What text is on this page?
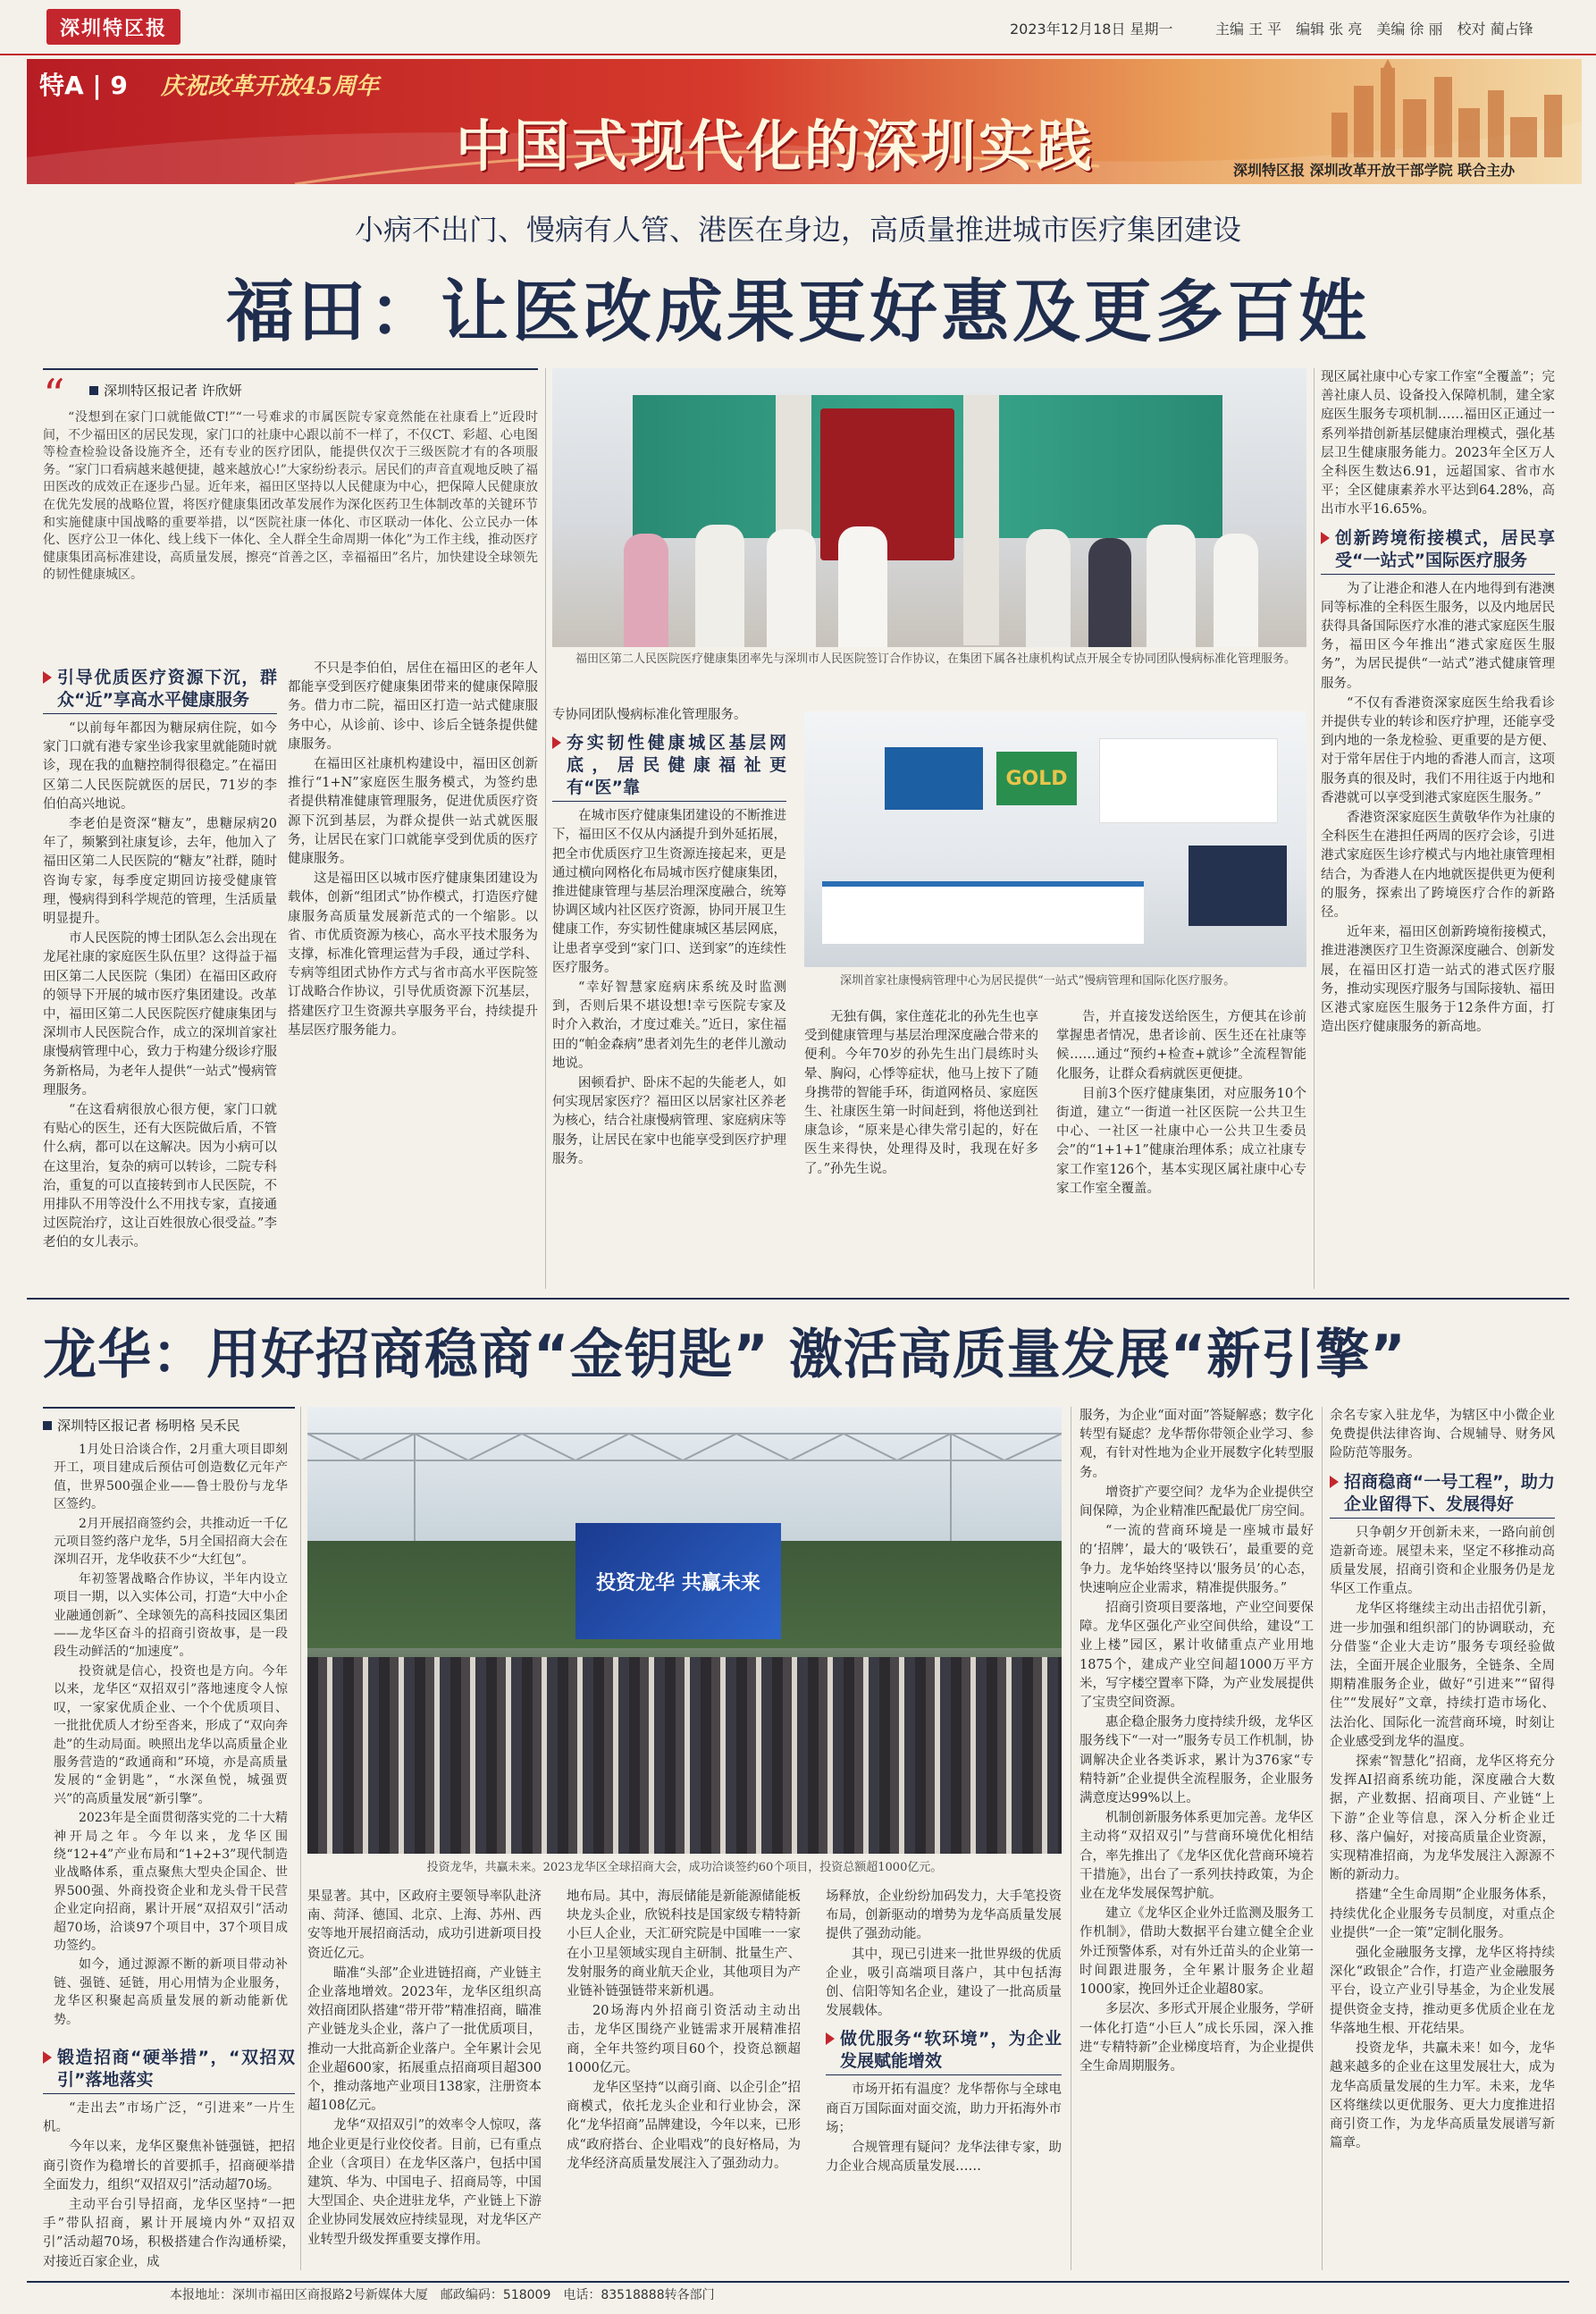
深圳特区报	2023年12月18日 星期一	主编 王 平　编辑 张 亮　美编 徐 丽　校对 蔺占锋
特A | 9 庆祝改革开放45周年
中国式现代化的深圳实践	深圳特区报 深圳改革开放干部学院 联合主办
小病不出门、慢病有人管、港医在身边，高质量推进城市医疗集团建设
福田：让医改成果更好惠及更多百姓
“	深圳特区报记者 许欣妍
“没想到在家门口就能做CT!”“一号难求的市属医院专家竟然能在社康看上”近段时间，不少福田区的居民发现，家门口的社康中心跟以前不一样了，不仅CT、彩超、心电图等检查检验设备设施齐全，还有专业的医疗团队，能提供仅次于三级医院才有的各项服务。“家门口看病越来越便捷，越来越放心!”大家纷纷表示。居民们的声音直观地反映了福田医改的成效正在逐步凸显。近年来，福田区坚持以人民健康为中心，把保障人民健康放在优先发展的战略位置，将医疗健康集团改革发展作为深化医药卫生体制改革的关键环节和实施健康中国战略的重要举措，以“医院社康一体化、市区联动一体化、公立民办一体化、医疗公卫一体化、线上线下一体化、全人群全生命周期一体化”为工作主线，推动医疗健康集团高标准建设，高质量发展，擦亮“首善之区，幸福福田”名片，加快建设全球领先的韧性健康城区。
引导优质医疗资源下沉，群众“近”享高水平健康服务

“以前每年都因为糖尿病住院，如今家门口就有港专家坐诊我家里就能随时就诊，现在我的血糖控制得很稳定。”在福田区第二人民医院就医的居民，71岁的李伯伯高兴地说。

李老伯是资深“糖友”，患糖尿病20年了，频繁到社康复诊，去年，他加入了福田区第二人民医院的“糖友”社群，随时咨询专家，每季度定期回访接受健康管理，慢病得到科学规范的管理，生活质量明显提升。

市人民医院的博士团队怎么会出现在龙尾社康的家庭医生队伍里？这得益于福田区第二人民医院（集团）在福田区政府的领导下开展的城市医疗集团建设。改革中，福田区第二人民医院医疗健康集团与深圳市人民医院合作，成立的深圳首家社康慢病管理中心，致力于构建分级诊疗服务新格局，为老年人提供“一站式”慢病管理服务。

“在这看病很放心很方便，家门口就有贴心的医生，还有大医院做后盾，不管什么病，都可以在这解决。因为小病可以在这里治，复杂的病可以转诊，二院专科治，重复的可以直接转到市人民医院，不用排队不用等没什么不用找专家，直接通过医院治疗，这让百姓很放心很受益。”李老伯的女儿表示。

不只是李伯伯，居住在福田区的老年人都能享受到医疗健康集团带来的健康保障服务。借力市二院，福田区打造一站式健康服务中心，从诊前、诊中、诊后全链条提供健康服务。

在福田区社康机构建设中，福田区创新推行“1+N”家庭医生服务模式，为签约患者提供精准健康管理服务，促进优质医疗资源下沉到基层，为群众提供一站式就医服务，让居民在家门口就能享受到优质的医疗健康服务。

这是福田区以城市医疗健康集团建设为载体，创新“组团式”协作模式，打造医疗健康服务高质量发展新范式的一个缩影。以省、市优质资源为核心，高水平技术服务为支撑，标准化管理运营为手段，通过学科、专病等组团式协作方式与省市高水平医院签订战略合作协议，引导优质资源下沉基层，搭建医疗卫生资源共享服务平台，持续提升基层医疗服务能力。

福田区第二人民医院医疗健康集团率先与深圳市人民医院签订合作协议，在集团下属各社康机构试点开展全专协同团队慢病标准化管理服务。
专协同团队慢病标准化管理服务。
夯实韧性健康城区基层网底，居民健康福祉更有“医”靠

在城市医疗健康集团建设的不断推进下，福田区不仅从内涵提升到外延拓展，把全市优质医疗卫生资源连接起来，更是通过横向网格化布局城市医疗健康集团，推进健康管理与基层治理深度融合，统筹协调区域内社区医疗资源，协同开展卫生健康工作，夯实韧性健康城区基层网底，让患者享受到“家门口、送到家”的连续性医疗服务。

“幸好智慧家庭病床系统及时监测到，否则后果不堪设想!幸亏医院专家及时介入救治，才度过难关。”近日，家住福田的“帕金森病”患者刘先生的老伴儿激动地说。

困顿看护、卧床不起的失能老人，如何实现居家医疗？福田区以居家社区养老为核心，结合社康慢病管理、家庭病床等服务，让居民在家中也能享受到医疗护理服务。

GOLD
深圳首家社康慢病管理中心为居民提供“一站式”慢病管理和国际化医疗服务。

无独有偶，家住莲花北的孙先生也享受到健康管理与基层治理深度融合带来的便利。今年70岁的孙先生出门晨练时头晕、胸闷，心悸等症状，他马上按下了随身携带的智能手环，街道网格员、家庭医生、社康医生第一时间赶到，将他送到社康急诊，“原来是心律失常引起的，好在医生来得快，处理得及时，我现在好多了。”孙先生说。

告，并直接发送给医生，方便其在诊前掌握患者情况，患者诊前、医生还在社康等候……通过“预约+检查+就诊”全流程智能化服务，让群众看病就医更便捷。

目前3个医疗健康集团，对应服务10个街道，建立“一街道一社区医院一公共卫生中心、一社区一社康中心一公共卫生委员会”的“1+1+1”健康治理体系；成立社康专家工作室126个，基本实现区属社康中心专家工作室全覆盖。

现区属社康中心专家工作室“全覆盖”；完善社康人员、设备投入保障机制，建全家庭医生服务专项机制……福田区正通过一系列举措创新基层健康治理模式，强化基层卫生健康服务能力。2023年全区万人全科医生数达6.91，远超国家、省市水平；全区健康素养水平达到64.28%，高出市水平16.65%。

创新跨境衔接模式，居民享受“一站式”国际医疗服务

为了让港企和港人在内地得到有港澳同等标准的全科医生服务，以及内地居民获得具备国际医疗水准的港式家庭医生服务，福田区今年推出“港式家庭医生服务”，为居民提供“一站式”港式健康管理服务。

“不仅有香港资深家庭医生给我看诊并提供专业的转诊和医疗护理，还能享受到内地的一条龙检验、更重要的是方便、对于常年居住于内地的香港人而言，这项服务真的很及时，我们不用往返于内地和香港就可以享受到港式家庭医生服务。”

香港资深家庭医生黄敬华作为社康的全科医生在港担任两周的医疗会诊，引进港式家庭医生诊疗模式与内地社康管理相结合，为香港人在内地就医提供更为便利的服务，探索出了跨境医疗合作的新路径。

近年来，福田区创新跨境衔接模式，推进港澳医疗卫生资源深度融合、创新发展，在福田区打造一站式的港式医疗服务，推动实现医疗服务与国际接轨、福田区港式家庭医生服务于12条件方面，打造出医疗健康服务的新高地。

龙华：用好招商稳商“金钥匙” 激活高质量发展“新引擎”
深圳特区报记者 杨明格 吴禾民

1月处日洽谈合作，2月重大项目即刻开工，项目建成后预估可创造数亿元年产值，世界500强企业——鲁士股份与龙华区签约。

2月开展招商签约会，共推动近一千亿元项目签约落户龙华，5月全国招商大会在深圳召开，龙华收获不少“大红包”。

年初签署战略合作协议，半年内设立项目一期，以入实体公司，打造“大中小企业融通创新”、全球领先的高科技园区集团——龙华区奋斗的招商引资故事，是一段段生动鲜活的“加速度”。

投资就是信心，投资也是方向。今年以来，龙华区“双招双引”落地速度令人惊叹，一家家优质企业、一个个优质项目、一批批优质人才纷至沓来，形成了“双向奔赴”的生动局面。映照出龙华以高质量企业服务营造的“政通商和”环境，亦是高质量发展的“金钥匙”，“水深鱼悦，城强贾兴”的高质量发展“新引擎”。

2023年是全面贯彻落实党的二十大精神开局之年。今年以来，龙华区围绕“12+4”产业布局和“1+2+3”现代制造业战略体系，重点聚焦大型央企国企、世界500强、外商投资企业和龙头骨干民营企业定向招商，累计开展“双招双引”活动超70场，洽谈97个项目中，37个项目成功签约。

如今，通过源源不断的新项目带动补链、强链、延链，用心用情为企业服务，龙华区积聚起高质量发展的新动能新优势。

锻造招商“硬举措”，“双招双引”落地落实

“走出去”市场广泛，“引进来”一片生机。

今年以来，龙华区聚焦补链强链，把招商引资作为稳增长的首要抓手，招商硬举措全面发力，组织“双招双引”活动超70场。

主动平台引导招商，龙华区坚持“一把手”带队招商，累计开展境内外“双招双引”活动超70场，积极搭建合作沟通桥梁，对接近百家企业，成

投资龙华 共赢未来
投资龙华，共赢未来。2023龙华区全球招商大会，成功洽谈签约60个项目，投资总额超1000亿元。

果显著。其中，区政府主要领导率队赴济南、菏泽、德国、北京、上海、苏州、西安等地开展招商活动，成功引进新项目投资近亿元。

瞄准“头部”企业进链招商，产业链主企业落地增效。2023年，龙华区组织高效招商团队搭建“带开带”精准招商，瞄准产业链龙头企业，落户了一批优质项目，推动一大批高新企业落户。全年累计会见企业超600家，拓展重点招商项目超300个，推动落地产业项目138家，注册资本超108亿元。

龙华“双招双引”的效率令人惊叹，落地企业更是行业佼佼者。目前，已有重点企业（含项目）在龙华区落户，包括中国建筑、华为、中国电子、招商局等，中国大型国企、央企进驻龙华，产业链上下游企业协同发展效应持续显现，对龙华区产业转型升级发挥重要支撑作用。

地布局。其中，海辰储能是新能源储能板块龙头企业，欣锐科技是国家级专精特新小巨人企业，天汇研究院是中国唯一一家在小卫星领域实现自主研制、批量生产、发射服务的商业航天企业，其他项目为产业链补链强链带来新机遇。

20场海内外招商引资活动主动出击，龙华区围绕产业链需求开展精准招商，全年共签约项目60个，投资总额超1000亿元。

龙华区坚持“以商引商、以企引企”招商模式，依托龙头企业和行业协会，深化“龙华招商”品牌建设，今年以来，已形成“政府搭台、企业唱戏”的良好格局，为龙华经济高质量发展注入了强劲动力。

场释放，企业纷纷加码发力，大手笔投资布局，创新驱动的增势为龙华高质量发展提供了强劲动能。

其中，现已引进来一批世界级的优质企业，吸引高端项目落户，其中包括海创、信阳等知名企业，建设了一批高质量发展载体。

做优服务“软环境”，为企业发展赋能增效

市场开拓有温度？龙华帮你与全球电商百万国际面对面交流，助力开拓海外市场；

合规管理有疑问？龙华法律专家，助力企业合规高质量发展……

服务，为企业“面对面”答疑解惑；数字化转型有疑虑？龙华帮你带领企业学习、参观，有针对性地为企业开展数字化转型服务。

增资扩产要空间？龙华为企业提供空间保障，为企业精准匹配最优厂房空间。

“一流的营商环境是一座城市最好的‘招牌’，最大的‘吸铁石’，最重要的竞争力。龙华始终坚持以‘服务员’的心态，快速响应企业需求，精准提供服务。”

招商引资项目要落地，产业空间要保障。龙华区强化产业空间供给，建设“工业上楼”园区，累计收储重点产业用地1875个，建成产业空间超1000万平方米，写字楼空置率下降，为产业发展提供了宝贵空间资源。

惠企稳企服务力度持续升级，龙华区服务线下“一对一”服务专员工作机制，协调解决企业各类诉求，累计为376家“专精特新”企业提供全流程服务，企业服务满意度达99%以上。

机制创新服务体系更加完善。龙华区主动将“双招双引”与营商环境优化相结合，率先推出了《龙华区优化营商环境若干措施》，出台了一系列扶持政策，为企业在龙华发展保驾护航。

建立《龙华区企业外迁监测及服务工作机制》，借助大数据平台建立健全企业外迁预警体系，对有外迁苗头的企业第一时间跟进服务，全年累计服务企业超1000家，挽回外迁企业超80家。

多层次、多形式开展企业服务，学研一体化打造“小巨人”成长乐园，深入推进“专精特新”企业梯度培育，为企业提供全生命周期服务。

余名专家入驻龙华，为辖区中小微企业免费提供法律咨询、合规辅导、财务风险防范等服务。

招商稳商“一号工程”，助力企业留得下、发展得好

只争朝夕开创新未来，一路向前创造新奇迹。展望未来，坚定不移推动高质量发展，招商引资和企业服务仍是龙华区工作重点。

龙华区将继续主动出击招优引新，进一步加强和组织部门的协调联动，充分借鉴“企业大走访”服务专项经验做法，全面开展企业服务，全链条、全周期精准服务企业，做好“引进来”“留得住”“发展好”文章，持续打造市场化、法治化、国际化一流营商环境，时刻让企业感受到龙华的温度。

探索“智慧化”招商，龙华区将充分发挥AI招商系统功能，深度融合大数据，产业数据、招商项目、产业链“上下游”企业等信息，深入分析企业迁移、落户偏好，对接高质量企业资源，实现精准招商，为龙华发展注入源源不断的新动力。

搭建“全生命周期”企业服务体系，持续优化企业服务专员制度，对重点企业提供“一企一策”定制化服务。

强化金融服务支撑，龙华区将持续深化“政银企”合作，打造产业金融服务平台，设立产业引导基金，为企业发展提供资金支持，推动更多优质企业在龙华落地生根、开花结果。

投资龙华，共赢未来！如今，龙华越来越多的企业在这里发展壮大，成为龙华高质量发展的生力军。未来，龙华区将继续以更优服务、更大力度推进招商引资工作，为龙华高质量发展谱写新篇章。

本报地址：深圳市福田区商报路2号新媒体大厦　邮政编码：518009　电话：83518888转各部门
